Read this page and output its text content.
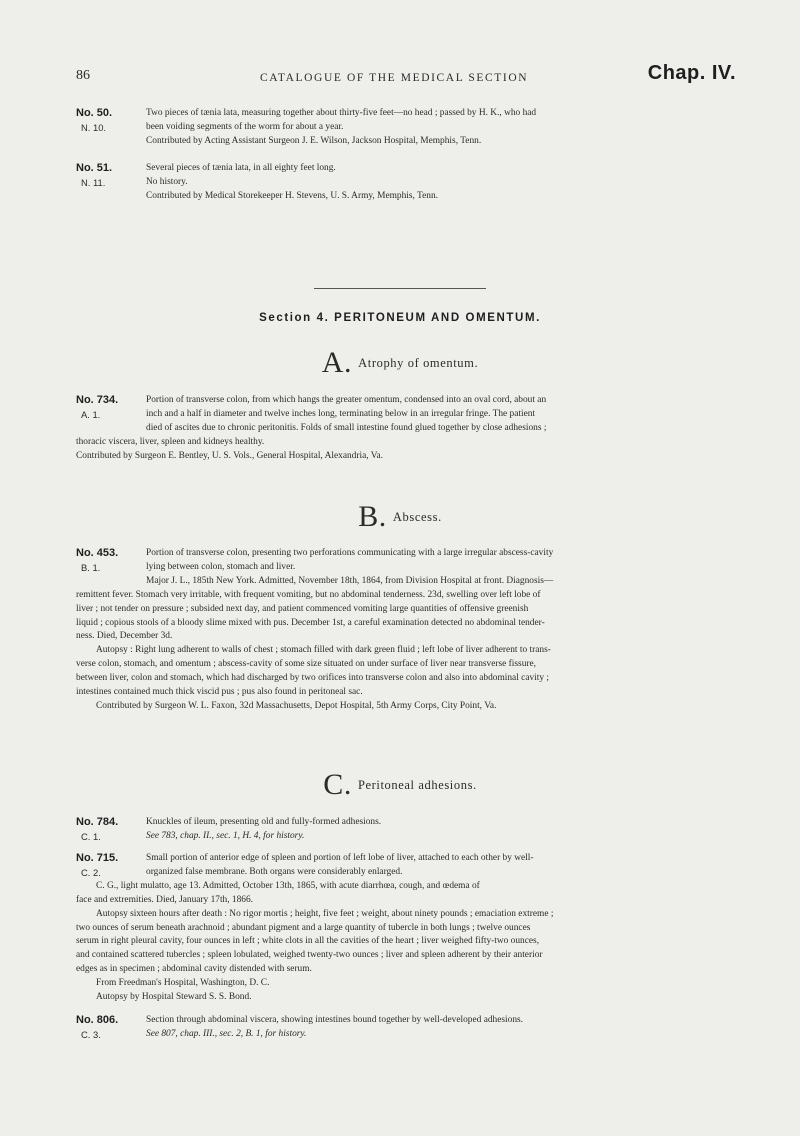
86	CATALOGUE OF THE MEDICAL SECTION	Chap. IV.
No. 50.
N. 10.

Two pieces of tænia lata, measuring together about thirty-five feet—no head ; passed by H. K., who had

been voiding segments of the worm for about a year.

Contributed by Acting Assistant Surgeon J. E. Wilson, Jackson Hospital, Memphis, Tenn.

No. 51.
N. 11.

Several pieces of tænia lata, in all eighty feet long.

No history.

Contributed by Medical Storekeeper H. Stevens, U. S. Army, Memphis, Tenn.

Section 4. PERITONEUM AND OMENTUM.
A. Atrophy of omentum.
No. 734.
A. 1.

Portion of transverse colon, from which hangs the greater omentum, condensed into an oval cord, about an

inch and a half in diameter and twelve inches long, terminating below in an irregular fringe. The patient

died of ascites due to chronic peritonitis. Folds of small intestine found glued together by close adhesions ;

thoracic viscera, liver, spleen and kidneys healthy.

Contributed by Surgeon E. Bentley, U. S. Vols., General Hospital, Alexandria, Va.

B. Abscess.
No. 453.
B. 1.

Portion of transverse colon, presenting two perforations communicating with a large irregular abscess-cavity

lying between colon, stomach and liver.

Major J. L., 185th New York. Admitted, November 18th, 1864, from Division Hospital at front. Diagnosis—

remittent fever. Stomach very irritable, with frequent vomiting, but no abdominal tenderness. 23d, swelling over left lobe of

liver ; not tender on pressure ; subsided next day, and patient commenced vomiting large quantities of offensive greenish

liquid ; copious stools of a bloody slime mixed with pus. December 1st, a careful examination detected no abdominal tender-

ness. Died, December 3d.

Autopsy : Right lung adherent to walls of chest ; stomach filled with dark green fluid ; left lobe of liver adherent to trans-

verse colon, stomach, and omentum ; abscess-cavity of some size situated on under surface of liver near transverse fissure,

between liver, colon and stomach, which had discharged by two orifices into transverse colon and also into abdominal cavity ;

intestines contained much thick viscid pus ; pus also found in peritoneal sac.

Contributed by Surgeon W. L. Faxon, 32d Massachusetts, Depot Hospital, 5th Army Corps, City Point, Va.

C. Peritoneal adhesions.
No. 784.
C. 1.

Knuckles of ileum, presenting old and fully-formed adhesions.

See 783, chap. II., sec. 1, H. 4, for history.

No. 715.
C. 2.

Small portion of anterior edge of spleen and portion of left lobe of liver, attached to each other by well-

organized false membrane. Both organs were considerably enlarged.

C. G., light mulatto, age 13. Admitted, October 13th, 1865, with acute diarrhœa, cough, and œdema of

face and extremities. Died, January 17th, 1866.

Autopsy sixteen hours after death : No rigor mortis ; height, five feet ; weight, about ninety pounds ; emaciation extreme ;

two ounces of serum beneath arachnoid ; abundant pigment and a large quantity of tubercle in both lungs ; twelve ounces

serum in right pleural cavity, four ounces in left ; white clots in all the cavities of the heart ; liver weighed fifty-two ounces,

and contained scattered tubercles ; spleen lobulated, weighed twenty-two ounces ; liver and spleen adherent by their anterior

edges as in specimen ; abdominal cavity distended with serum.

From Freedman's Hospital, Washington, D. C.

Autopsy by Hospital Steward S. S. Bond.

No. 806.
C. 3.

Section through abdominal viscera, showing intestines bound together by well-developed adhesions.

See 807, chap. III., sec. 2, B. 1, for history.
